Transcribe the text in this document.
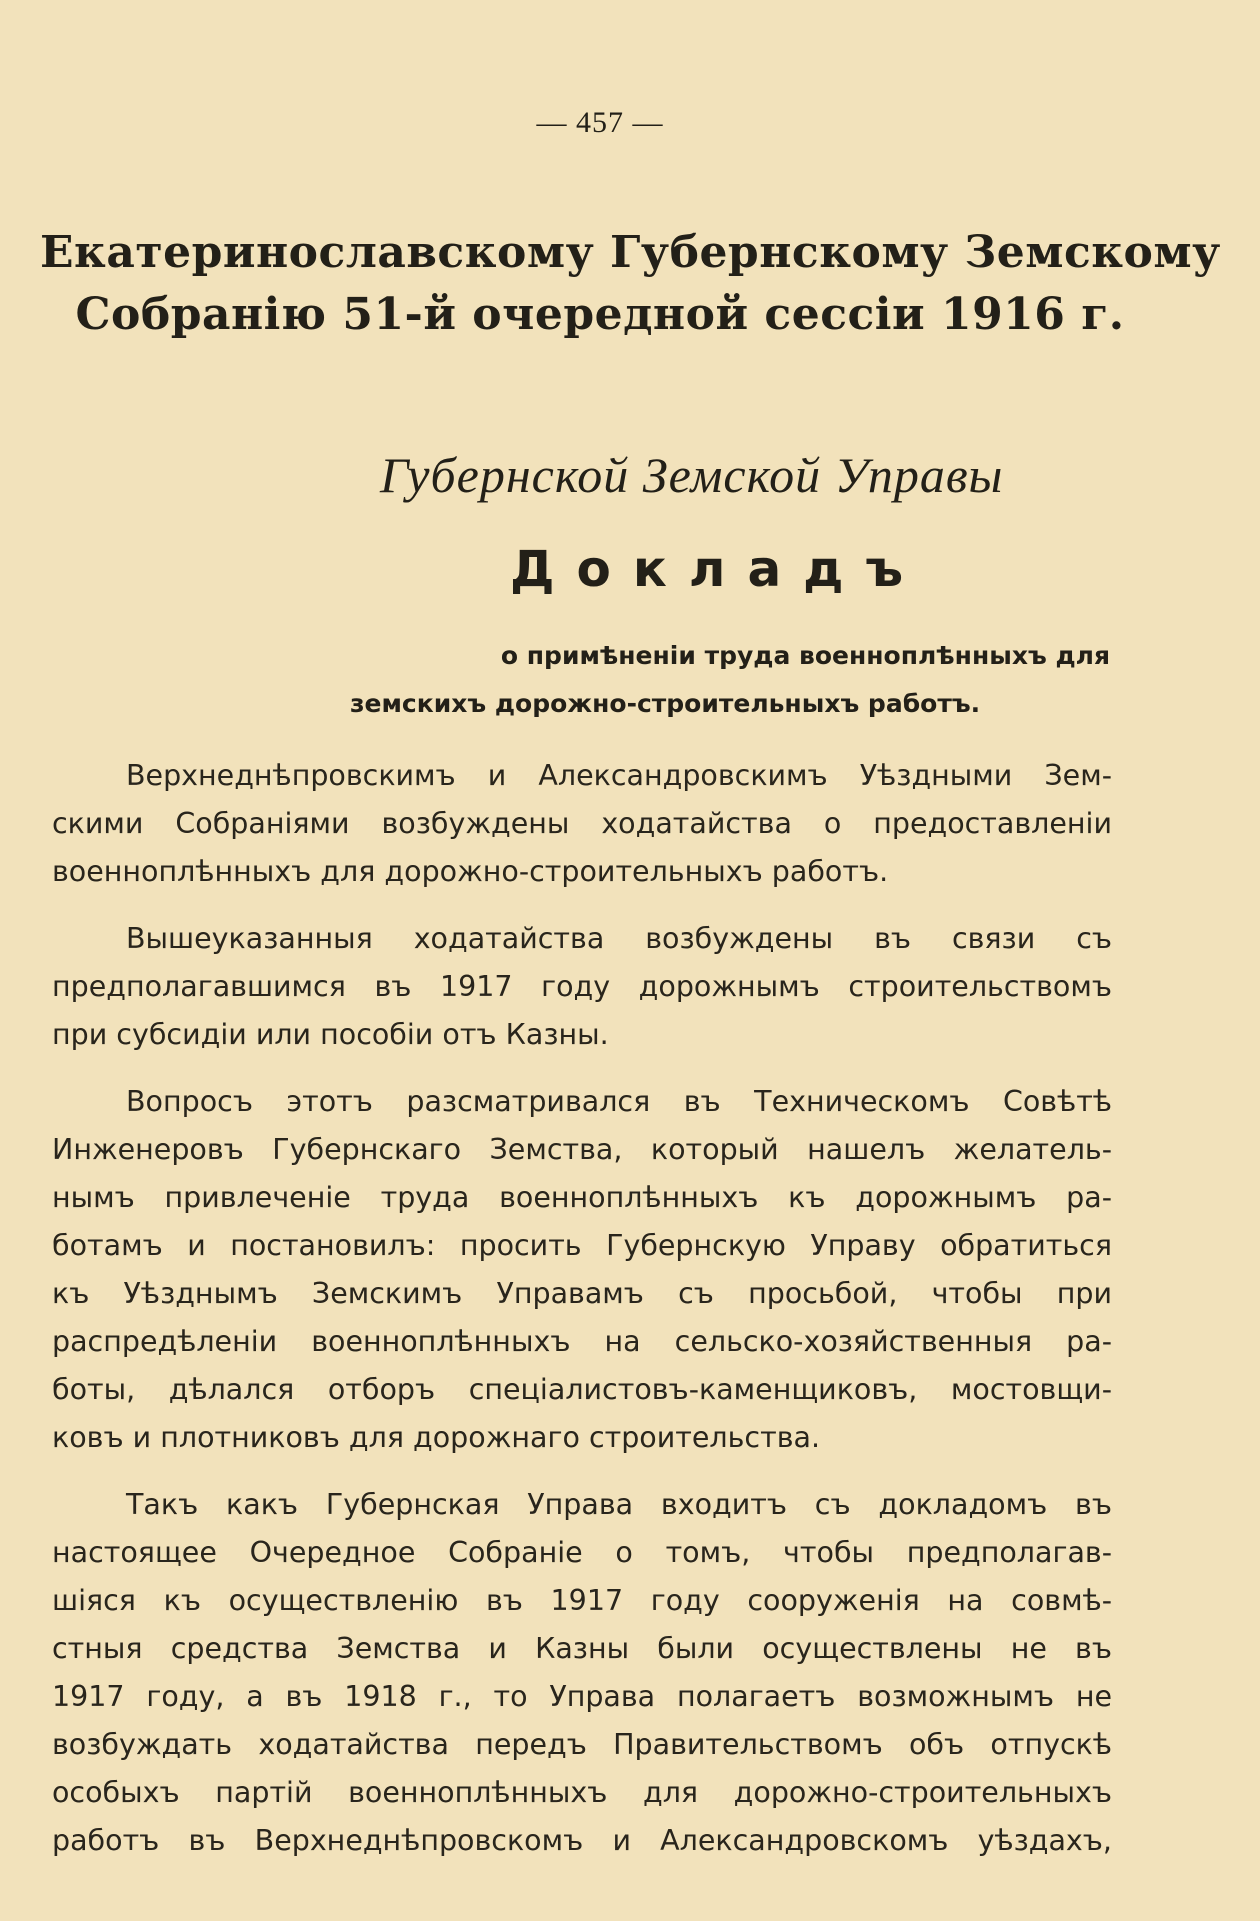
— 457 —
Екатеринославскому Губернскому Земскому
Собранію 51-й очередной сессіи 1916 г.
Губернской Земской Управы
Докладъ
о примѣненіи труда военноплѣнныхъ для
земскихъ дорожно-строительныхъ работъ.

Верхнеднѣпровскимъ и Александровскимъ Уѣздными Зем-
скими Собраніями возбуждены ходатайства о предоставленіи
военноплѣнныхъ для дорожно-строительныхъ работъ.

Вышеуказанныя ходатайства возбуждены въ связи съ
предполагавшимся въ 1917 году дорожнымъ строительствомъ
при субсидіи или пособіи отъ Казны.

Вопросъ этотъ разсматривался въ Техническомъ Совѣтѣ
Инженеровъ Губернскаго Земства, который нашелъ желатель-
нымъ привлеченіе труда военноплѣнныхъ къ дорожнымъ ра-
ботамъ и постановилъ: просить Губернскую Управу обратиться
къ Уѣзднымъ Земскимъ Управамъ съ просьбой, чтобы при
распредѣленіи военноплѣнныхъ на сельско-хозяйственныя ра-
боты, дѣлался отборъ спеціалистовъ-каменщиковъ, мостовщи-
ковъ и плотниковъ для дорожнаго строительства.

Такъ какъ Губернская Управа входитъ съ докладомъ въ
настоящее Очередное Собраніе о томъ, чтобы предполагав-
шіяся къ осуществленію въ 1917 году сооруженія на совмѣ-
стныя средства Земства и Казны были осуществлены не въ
1917 году, а въ 1918 г., то Управа полагаетъ возможнымъ не
возбуждать ходатайства передъ Правительствомъ объ отпускѣ
особыхъ партій военноплѣнныхъ для дорожно-строительныхъ
работъ въ Верхнеднѣпровскомъ и Александровскомъ уѣздахъ,
